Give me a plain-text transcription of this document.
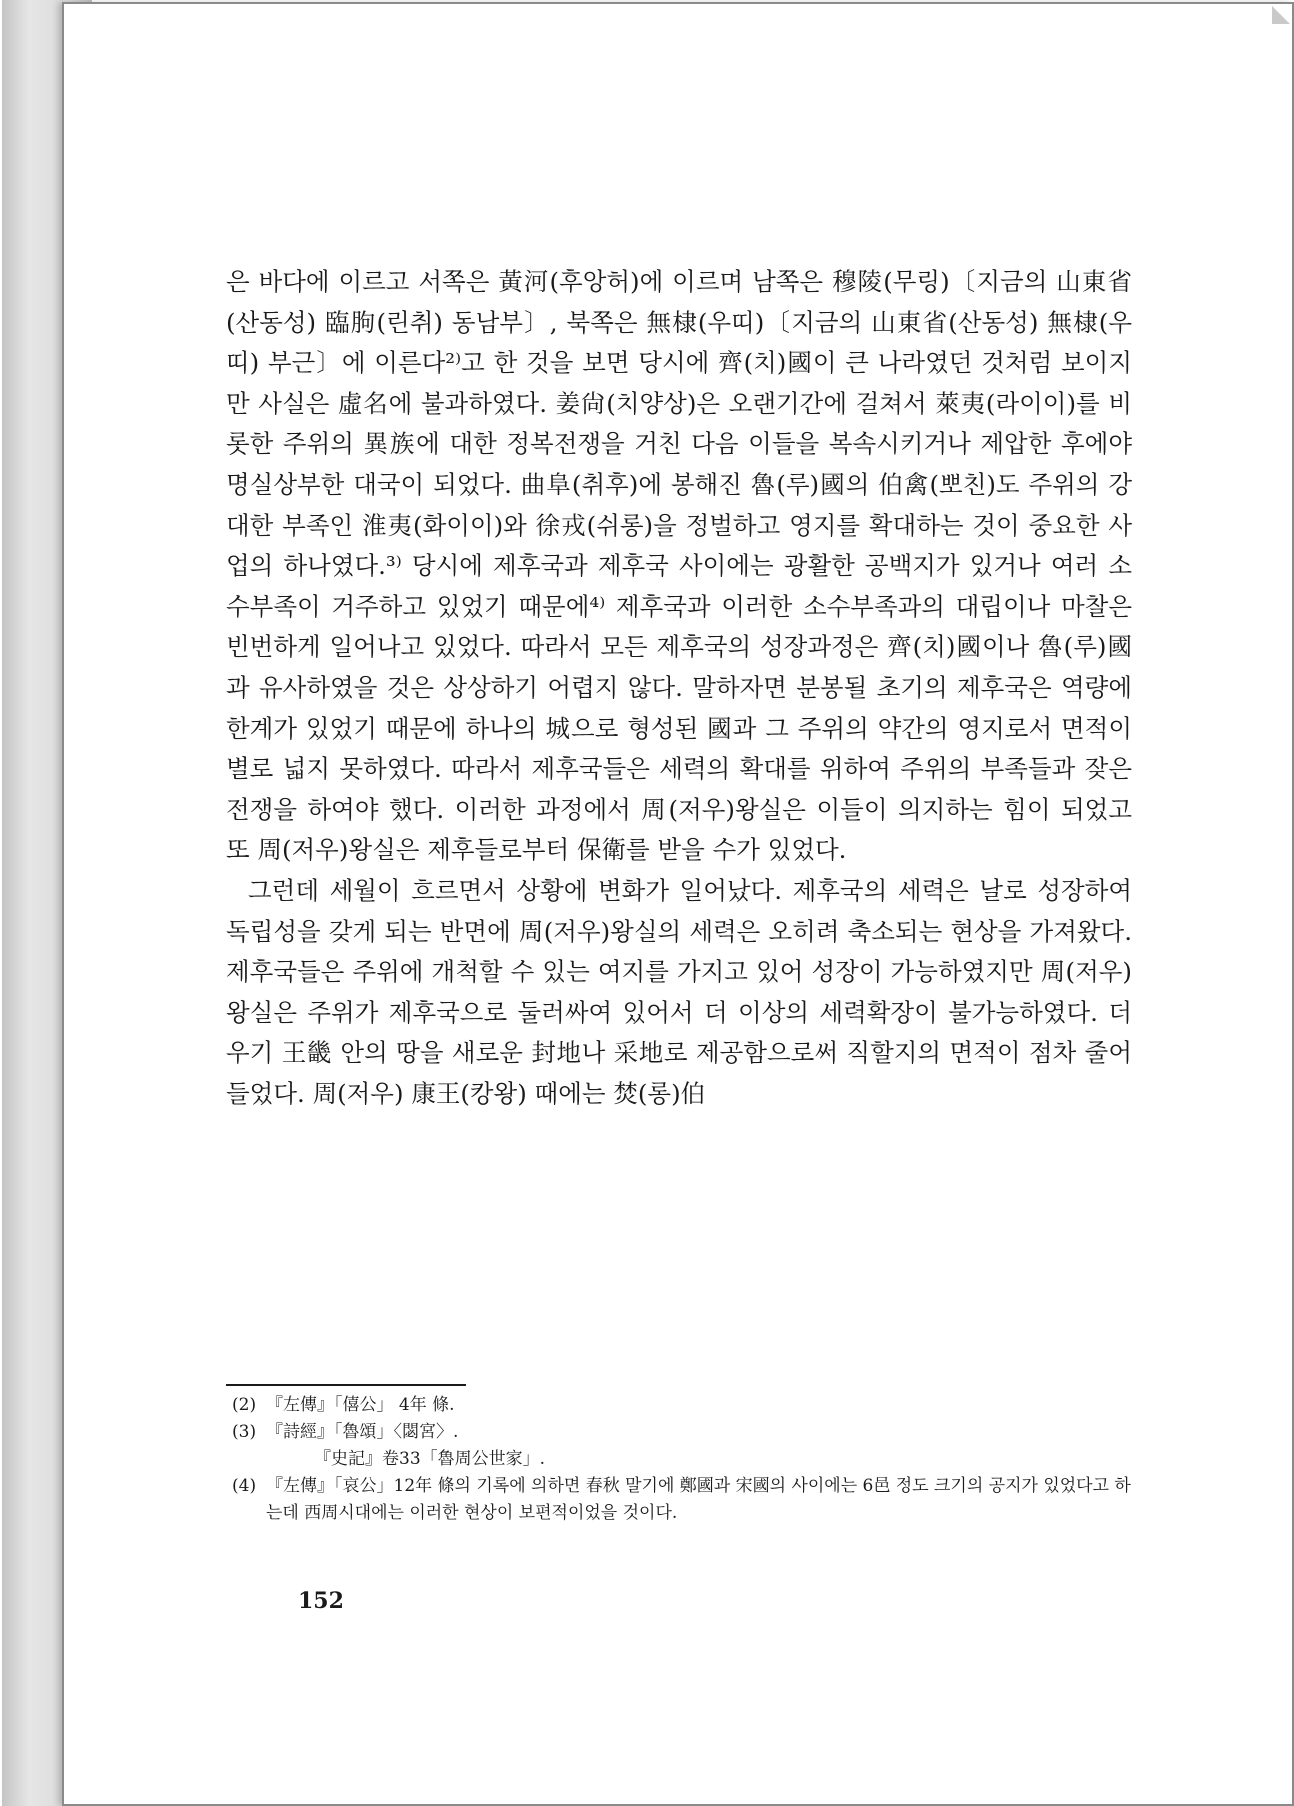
은 바다에 이르고 서쪽은 黃河(후앙허)에 이르며 남쪽은 穆陵(무링)〔지금의 山東省(산동성) 臨朐(린취) 동남부〕, 북쪽은 無棣(우띠)〔지금의 山東省(산동성) 無棣(우띠) 부근〕에 이른다²⁾고 한 것을 보면 당시에 齊(치)國이 큰 나라였던 것처럼 보이지만 사실은 虛名에 불과하였다. 姜尙(치양상)은 오랜기간에 걸쳐서 萊夷(라이이)를 비롯한 주위의 異族에 대한 정복전쟁을 거친 다음 이들을 복속시키거나 제압한 후에야 명실상부한 대국이 되었다. 曲阜(취후)에 봉해진 魯(루)國의 伯禽(뽀친)도 주위의 강대한 부족인 淮夷(화이이)와 徐戎(쉬롱)을 정벌하고 영지를 확대하는 것이 중요한 사업의 하나였다.³⁾ 당시에 제후국과 제후국 사이에는 광활한 공백지가 있거나 여러 소수부족이 거주하고 있었기 때문에⁴⁾ 제후국과 이러한 소수부족과의 대립이나 마찰은 빈번하게 일어나고 있었다. 따라서 모든 제후국의 성장과정은 齊(치)國이나 魯(루)國과 유사하였을 것은 상상하기 어렵지 않다. 말하자면 분봉될 초기의 제후국은 역량에 한계가 있었기 때문에 하나의 城으로 형성된 國과 그 주위의 약간의 영지로서 면적이 별로 넓지 못하였다. 따라서 제후국들은 세력의 확대를 위하여 주위의 부족들과 잦은 전쟁을 하여야 했다. 이러한 과정에서 周(저우)왕실은 이들이 의지하는 힘이 되었고 또 周(저우)왕실은 제후들로부터 保衛를 받을 수가 있었다.

그런데 세월이 흐르면서 상황에 변화가 일어났다. 제후국의 세력은 날로 성장하여 독립성을 갖게 되는 반면에 周(저우)왕실의 세력은 오히려 축소되는 현상을 가져왔다. 제후국들은 주위에 개척할 수 있는 여지를 가지고 있어 성장이 가능하였지만 周(저우)왕실은 주위가 제후국으로 둘러싸여 있어서 더 이상의 세력확장이 불가능하였다. 더우기 王畿 안의 땅을 새로운 封地나 采地로 제공함으로써 직할지의 면적이 점차 줄어들었다. 周(저우) 康王(캉왕) 때에는 焚(롱)伯

(2) 『左傳』「僖公」 4年 條.

(3) 『詩經』「魯頌」〈閟宮〉.

『史記』卷33「魯周公世家」.

(4) 『左傳』「哀公」12年 條의 기록에 의하면 春秋 말기에 鄭國과 宋國의 사이에는 6邑 정도 크기의 공지가 있었다고 하는데 西周시대에는 이러한 현상이 보편적이었을 것이다.

152
